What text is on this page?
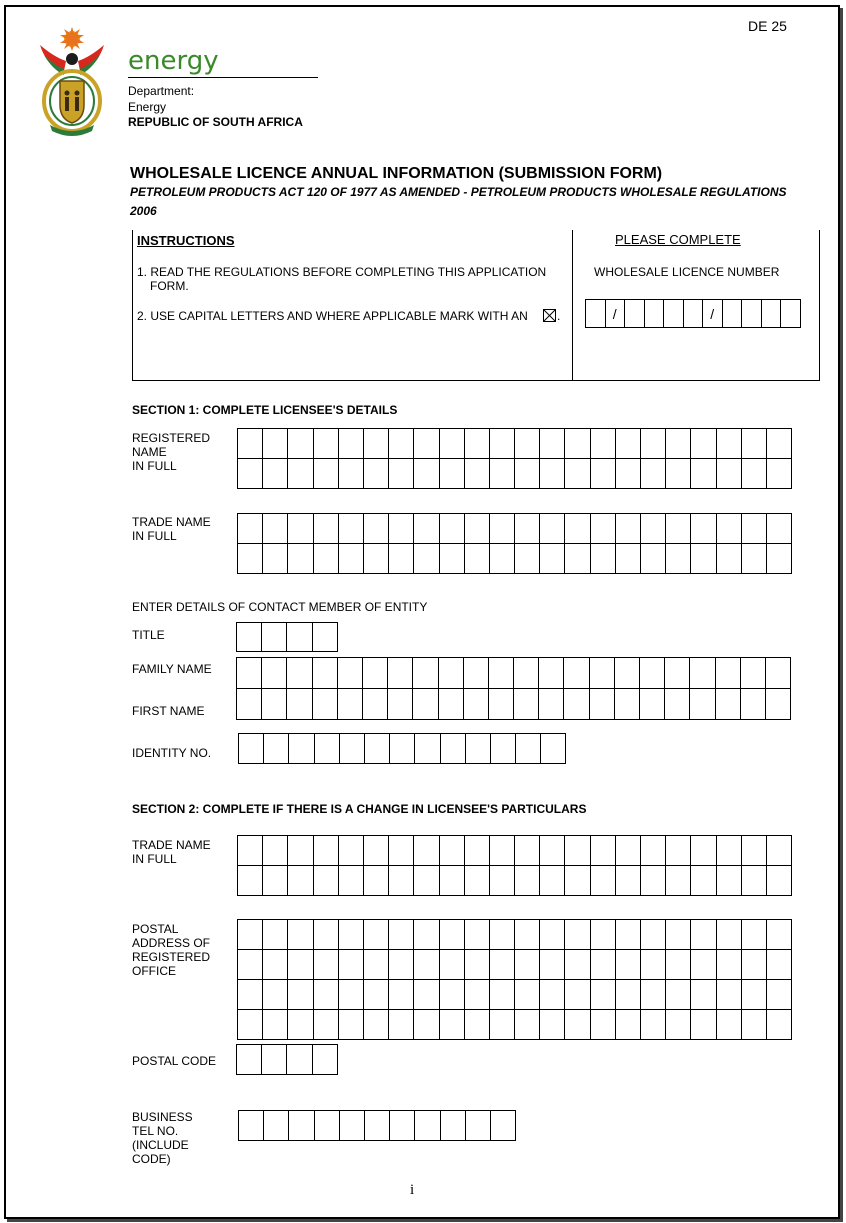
DE 25
energy
Department:
Energy
REPUBLIC OF SOUTH AFRICA
WHOLESALE LICENCE ANNUAL INFORMATION (SUBMISSION FORM)
PETROLEUM PRODUCTS ACT 120 OF 1977 AS AMENDED - PETROLEUM PRODUCTS WHOLESALE REGULATIONS
2006
INSTRUCTIONS
1. READ THE REGULATIONS BEFORE COMPLETING THIS APPLICATION
FORM.
2. USE CAPITAL LETTERS AND WHERE APPLICABLE MARK WITH AN .
PLEASE COMPLETE
WHOLESALE LICENCE NUMBER
/	/
SECTION 1: COMPLETE LICENSEE'S DETAILS
REGISTERED
NAME
IN FULL
TRADE NAME
IN FULL
ENTER DETAILS OF CONTACT MEMBER OF ENTITY
TITLE
FAMILY NAME
FIRST NAME
IDENTITY NO.
SECTION 2: COMPLETE IF THERE IS A CHANGE IN LICENSEE'S PARTICULARS
TRADE NAME
IN FULL
POSTAL
ADDRESS OF
REGISTERED
OFFICE
POSTAL CODE
BUSINESS
TEL NO.
(INCLUDE
CODE)
i
